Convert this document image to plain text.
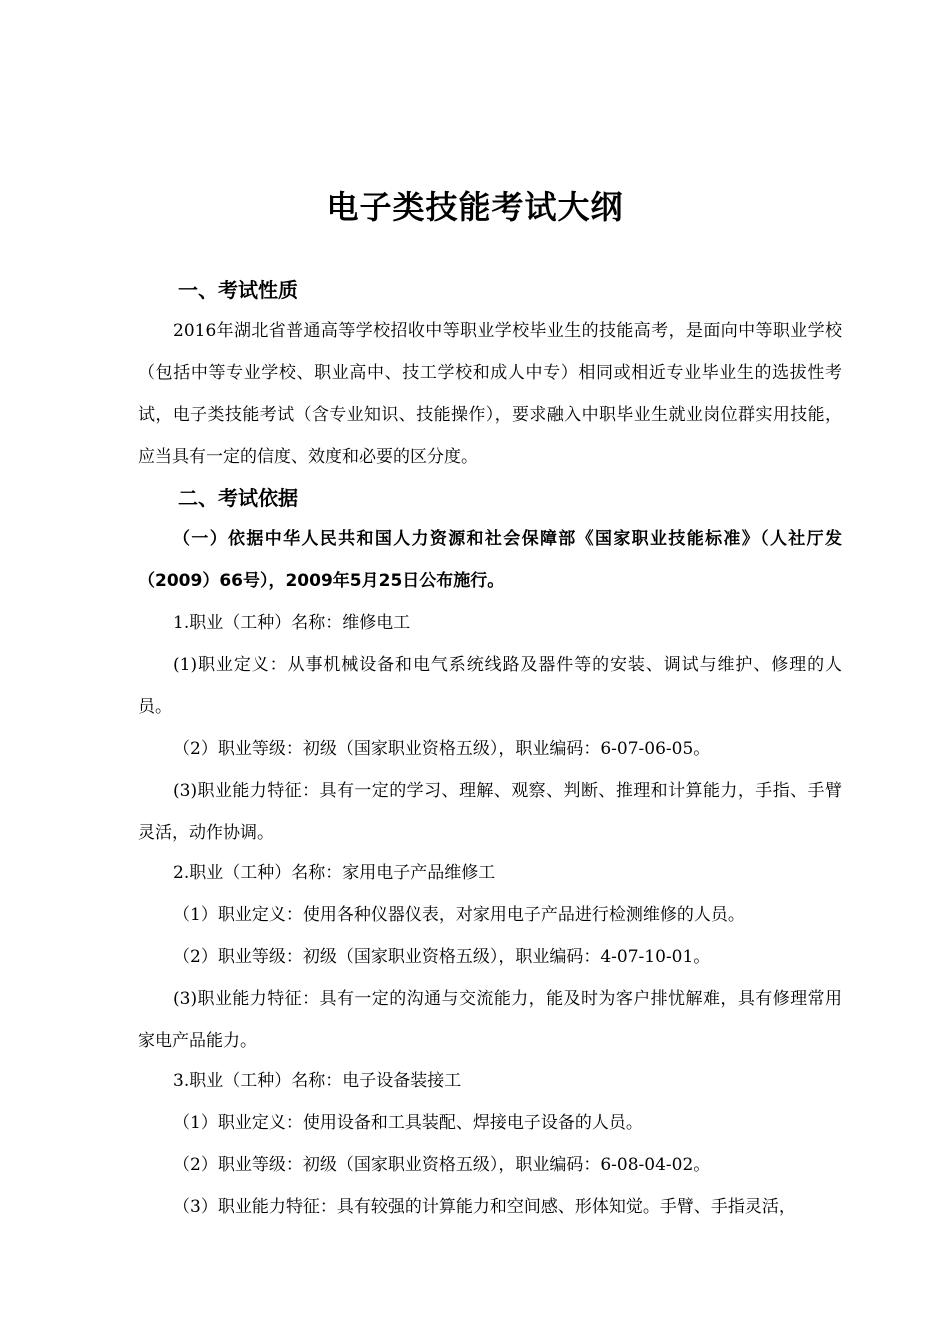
电子类技能考试大纲
一、考试性质
2016年湖北省普通高等学校招收中等职业学校毕业生的技能高考，是面向中等职业学校（包括中等专业学校、职业高中、技工学校和成人中专）相同或相近专业毕业生的选拔性考试，电子类技能考试（含专业知识、技能操作），要求融入中职毕业生就业岗位群实用技能，应当具有一定的信度、效度和必要的区分度。
二、考试依据
（一）依据中华人民共和国人力资源和社会保障部《国家职业技能标准》（人社厅发（2009）66号），2009年5月25日公布施行。
1.职业（工种）名称：维修电工
(1)职业定义：从事机械设备和电气系统线路及器件等的安装、调试与维护、修理的人员。
（2）职业等级：初级（国家职业资格五级），职业编码：6-07-06-05。
(3)职业能力特征：具有一定的学习、理解、观察、判断、推理和计算能力，手指、手臂灵活，动作协调。
2.职业（工种）名称：家用电子产品维修工
（1）职业定义：使用各种仪器仪表，对家用电子产品进行检测维修的人员。
（2）职业等级：初级（国家职业资格五级），职业编码：4-07-10-01。
(3)职业能力特征：具有一定的沟通与交流能力，能及时为客户排忧解难，具有修理常用家电产品能力。
3.职业（工种）名称：电子设备装接工
（1）职业定义：使用设备和工具装配、焊接电子设备的人员。
（2）职业等级：初级（国家职业资格五级），职业编码：6-08-04-02。
（3）职业能力特征：具有较强的计算能力和空间感、形体知觉。手臂、手指灵活，
